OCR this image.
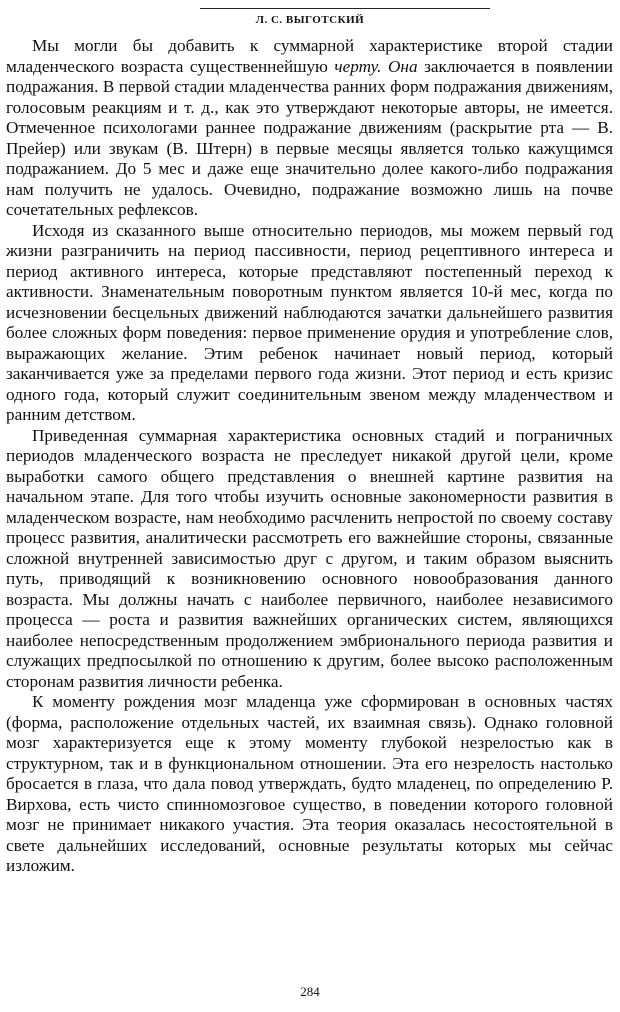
Л. С. ВЫГОТСКИЙ

Мы могли бы добавить к суммарной характеристике второй стадии младенческого возраста существеннейшую черту. Она заключается в появлении подражания. В первой стадии младенчества ранних форм подражания движениям, голосовым реакциям и т. д., как это утверждают некоторые авторы, не имеется. Отмеченное психологами раннее подражание движениям (раскрытие рта — В. Прейер) или звукам (В. Штерн) в первые месяцы является только кажущимся подражанием. До 5 мес и даже еще значительно долее какого-либо подражания нам получить не удалось. Очевидно, подражание возможно лишь на почве сочетательных рефлексов.

Исходя из сказанного выше относительно периодов, мы можем первый год жизни разграничить на период пассивности, период рецептивного интереса и период активного интереса, которые представляют постепенный переход к активности. Знаменательным поворотным пунктом является 10-й мес, когда по исчезновении бесцельных движений наблюдаются зачатки дальнейшего развития более сложных форм поведения: первое применение орудия и употребление слов, выражающих желание. Этим ребенок начинает новый период, который заканчивается уже за пределами первого года жизни. Этот период и есть кризис одного года, который служит соединительным звеном между младенчеством и ранним детством.

Приведенная суммарная характеристика основных стадий и пограничных периодов младенческого возраста не преследует никакой другой цели, кроме выработки самого общего представления о внешней картине развития на начальном этапе. Для того чтобы изучить основные закономерности развития в младенческом возрасте, нам необходимо расчленить непростой по своему составу процесс развития, аналитически рассмотреть его важнейшие стороны, связанные сложной внутренней зависимостью друг с другом, и таким образом выяснить путь, приводящий к возникновению основного новообразования данного возраста. Мы должны начать с наиболее первичного, наиболее независимого процесса — роста и развития важнейших органических систем, являющихся наиболее непосредственным продолжением эмбрионального периода развития и служащих предпосылкой по отношению к другим, более высоко расположенным сторонам развития личности ребенка.

К моменту рождения мозг младенца уже сформирован в основных частях (форма, расположение отдельных частей, их взаимная связь). Однако головной мозг характеризуется еще к этому моменту глубокой незрелостью как в структурном, так и в функциональном отношении. Эта его незрелость настолько бросается в глаза, что дала повод утверждать, будто младенец, по определению Р. Вирхова, есть чисто спинномозговое существо, в поведении которого головной мозг не принимает никакого участия. Эта теория оказалась несостоятельной в свете дальнейших исследований, основные результаты которых мы сейчас изложим.

284
